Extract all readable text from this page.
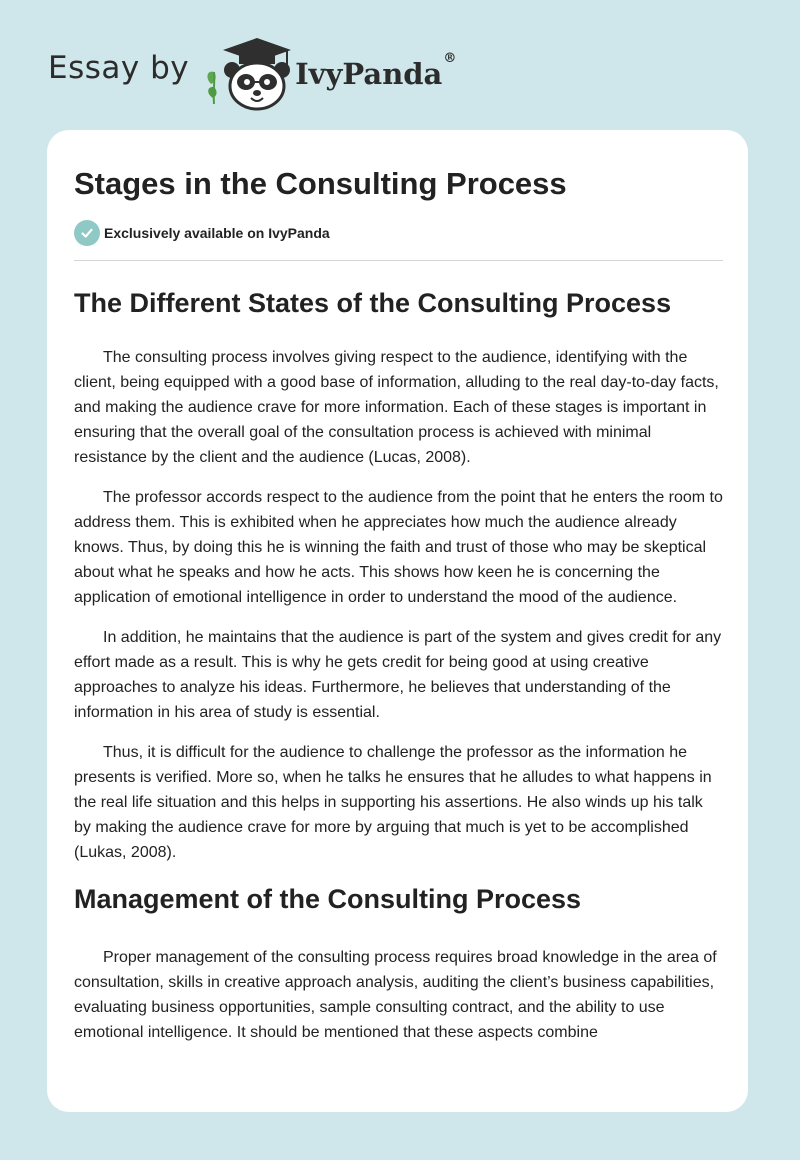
Essay by	IvyPanda®
Stages in the Consulting Process
Exclusively available on IvyPanda
The Different States of the Consulting Process

The consulting process involves giving respect to the audience, identifying with the client, being equipped with a good base of information, alluding to the real day-to-day facts, and making the audience crave for more information. Each of these stages is important in ensuring that the overall goal of the consultation process is achieved with minimal resistance by the client and the audience (Lucas, 2008).

The professor accords respect to the audience from the point that he enters the room to address them. This is exhibited when he appreciates how much the audience already knows. Thus, by doing this he is winning the faith and trust of those who may be skeptical about what he speaks and how he acts. This shows how keen he is concerning the application of emotional intelligence in order to understand the mood of the audience.

In addition, he maintains that the audience is part of the system and gives credit for any effort made as a result. This is why he gets credit for being good at using creative approaches to analyze his ideas. Furthermore, he believes that understanding of the information in his area of study is essential.

Thus, it is difficult for the audience to challenge the professor as the information he presents is verified. More so, when he talks he ensures that he alludes to what happens in the real life situation and this helps in supporting his assertions. He also winds up his talk by making the audience crave for more by arguing that much is yet to be accomplished (Lukas, 2008).

Management of the Consulting Process

Proper management of the consulting process requires broad knowledge in the area of consultation, skills in creative approach analysis, auditing the client’s business capabilities, evaluating business opportunities, sample consulting contract, and the ability to use emotional intelligence. It should be mentioned that these aspects combine
